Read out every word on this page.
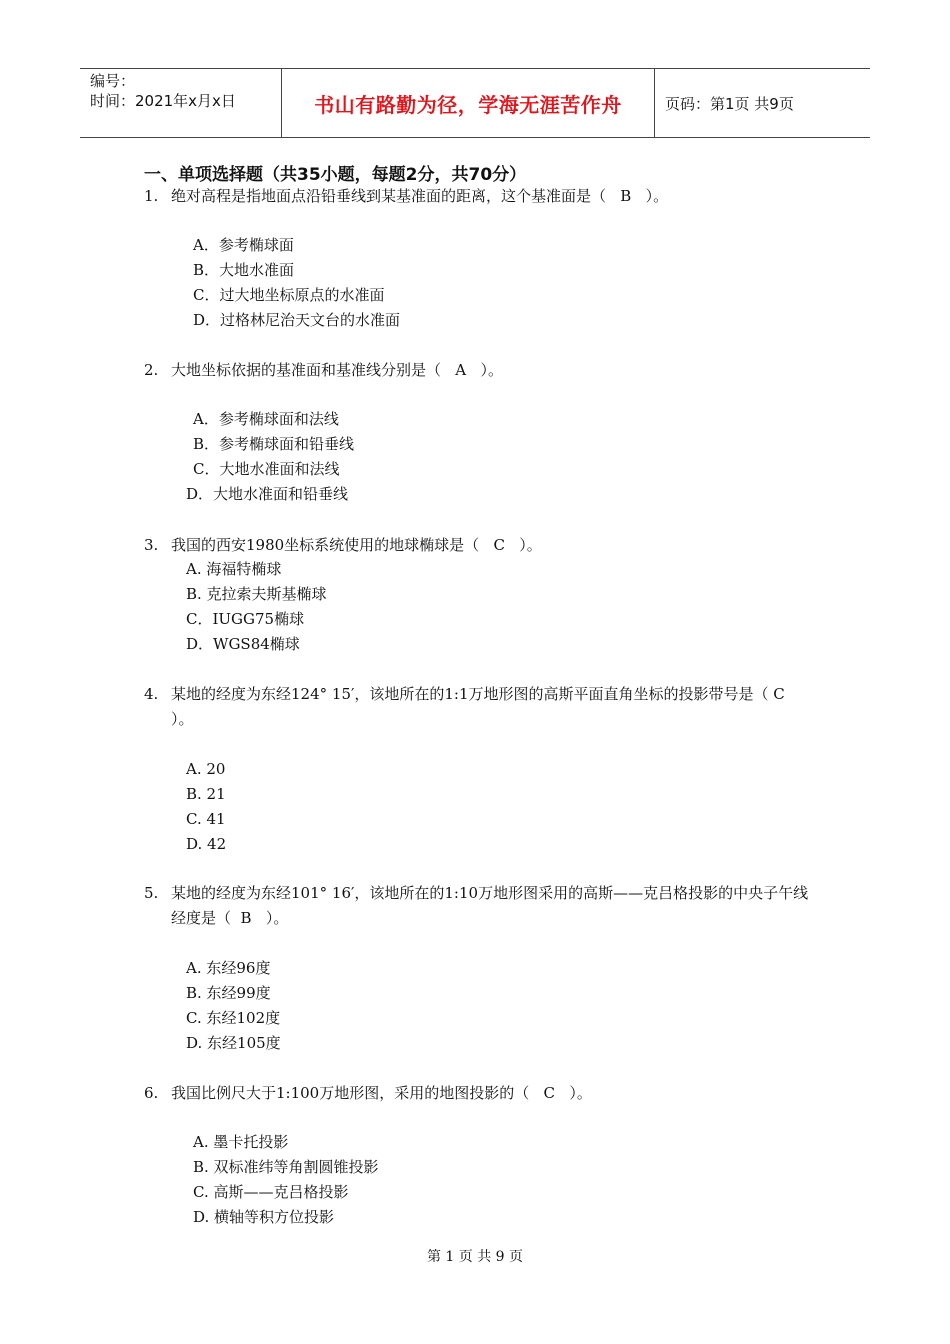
编号：
时间：2021年x月x日	书山有路勤为径，学海无涯苦作舟	页码：第1页 共9页
一、单项选择题（共35小题，每题2分，共70分）
1. 绝对高程是指地面点沿铅垂线到某基准面的距离，这个基准面是（   B   ）。
A．参考椭球面
B．大地水准面
C．过大地坐标原点的水准面
D．过格林尼治天文台的水准面
2. 大地坐标依据的基准面和基准线分别是（   A   ）。
A．参考椭球面和法线
B．参考椭球面和铅垂线
C．大地水准面和法线
D．大地水准面和铅垂线
3. 我国的西安1980坐标系统使用的地球椭球是（   C   ）。
A. 海福特椭球
B. 克拉索夫斯基椭球
C．IUGG75椭球
D．WGS84椭球
4. 某地的经度为东经124° 15′，该地所在的1:1万地形图的高斯平面直角坐标的投影带号是（ C   ）。
A. 20
B. 21
C. 41
D. 42
5. 某地的经度为东经101° 16′，该地所在的1:10万地形图采用的高斯——克吕格投影的中央子午线经度是（  B   ）。
A. 东经96度
B. 东经99度
C. 东经102度
D. 东经105度
6. 我国比例尺大于1:100万地形图，采用的地图投影的（   C   ）。
A. 墨卡托投影
B. 双标准纬等角割圆锥投影
C. 高斯——克吕格投影
D. 横轴等积方位投影
第 1 页 共 9 页
